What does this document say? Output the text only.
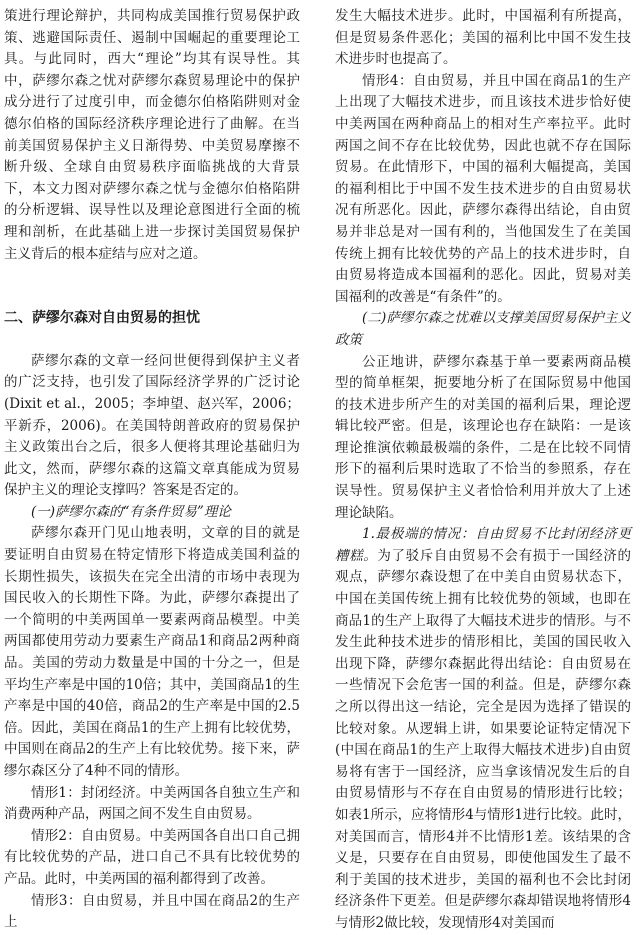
策进行理论辩护，共同构成美国推行贸易保护政策、逃避国际责任、遏制中国崛起的重要理论工具。与此同时，西大“理论”均其有误导性。其中，萨缪尔森之忧对萨缪尔森贸易理论中的保护成分进行了过度引申，而金德尔伯格陷阱则对金德尔伯格的国际经济秩序理论进行了曲解。在当前美国贸易保护主义日渐得势、中美贸易摩擦不断升级、全球自由贸易秩序面临挑战的大背景下，本文力图对萨缪尔森之忧与金德尔伯格陷阱的分析逻辑、误导性以及理论意图进行全面的梳理和剖析，在此基础上进一步探讨美国贸易保护主义背后的根本症结与应对之道。

二、萨缪尔森对自由贸易的担忧

萨缪尔森的文章一经问世便得到保护主义者的广泛支持，也引发了国际经济学界的广泛讨论(Dixit et al.，2005；李坤望、赵兴军，2006；平新乔，2006)。在美国特朗普政府的贸易保护主义政策出台之后，很多人便将其理论基础归为此文，然而，萨缪尔森的这篇文章真能成为贸易保护主义的理论支撑吗？答案是否定的。

(一)萨缪尔森的“有条件贸易”理论

萨缪尔森开门见山地表明，文章的目的就是要证明自由贸易在特定情形下将造成美国利益的长期性损失，该损失在完全出清的市场中表现为国民收入的长期性下降。为此，萨缪尔森提出了一个简明的中美两国单一要素两商品模型。中美两国都使用劳动力要素生产商品1和商品2两种商品。美国的劳动力数量是中国的十分之一，但是平均生产率是中国的10倍；其中，美国商品1的生产率是中国的40倍，商品2的生产率是中国的2.5倍。因此，美国在商品1的生产上拥有比较优势，中国则在商品2的生产上有比较优势。接下来，萨缪尔森区分了4种不同的情形。

情形1：封闭经济。中美两国各自独立生产和消费两种产品，两国之间不发生自由贸易。

情形2：自由贸易。中美两国各自出口自己拥有比较优势的产品，进口自己不具有比较优势的产品。此时，中美两国的福利都得到了改善。

情形3：自由贸易，并且中国在商品2的生产上

发生大幅技术进步。此时，中国福利有所提高，但是贸易条件恶化；美国的福利比中国不发生技术进步时也提高了。

情形4：自由贸易，并且中国在商品1的生产上出现了大幅技术进步，而且该技术进步恰好使中美两国在两种商品上的相对生产率拉平。此时两国之间不存在比较优势，因此也就不存在国际贸易。在此情形下，中国的福利大幅提高，美国的福利相比于中国不发生技术进步的自由贸易状况有所恶化。因此，萨缪尔森得出结论，自由贸易并非总是对一国有利的，当他国发生了在美国传统上拥有比较优势的产品上的技术进步时，自由贸易将造成本国福利的恶化。因此，贸易对美国福利的改善是“有条件”的。

(二)萨缪尔森之忧难以支撑美国贸易保护主义政策

公正地讲，萨缪尔森基于单一要素两商品模型的简单框架，扼要地分析了在国际贸易中他国的技术进步所产生的对美国的福利后果，理论逻辑比较严密。但是，该理论也存在缺陷：一是该理论推演依赖最极端的条件，二是在比较不同情形下的福利后果时选取了不恰当的参照系，存在误导性。贸易保护主义者恰恰利用并放大了上述理论缺陷。

1.最极端的情况：自由贸易不比封闭经济更糟糕。为了驳斥自由贸易不会有损于一国经济的观点，萨缪尔森设想了在中美自由贸易状态下，中国在美国传统上拥有比较优势的领域，也即在商品1的生产上取得了大幅技术进步的情形。与不发生此种技术进步的情形相比，美国的国民收入出现下降，萨缪尔森据此得出结论：自由贸易在一些情况下会危害一国的利益。但是，萨缪尔森之所以得出这一结论，完全是因为选择了错误的比较对象。从逻辑上讲，如果要论证特定情况下(中国在商品1的生产上取得大幅技术进步)自由贸易将有害于一国经济，应当拿该情况发生后的自由贸易情形与不存在自由贸易的情形进行比较；如表1所示，应将情形4与情形1进行比较。此时，对美国而言，情形4并不比情形1差。该结果的含义是，只要存在自由贸易，即使他国发生了最不利于美国的技术进步，美国的福利也不会比封闭经济条件下更差。但是萨缪尔森却错误地将情形4与情形2做比较，发现情形4对美国而
